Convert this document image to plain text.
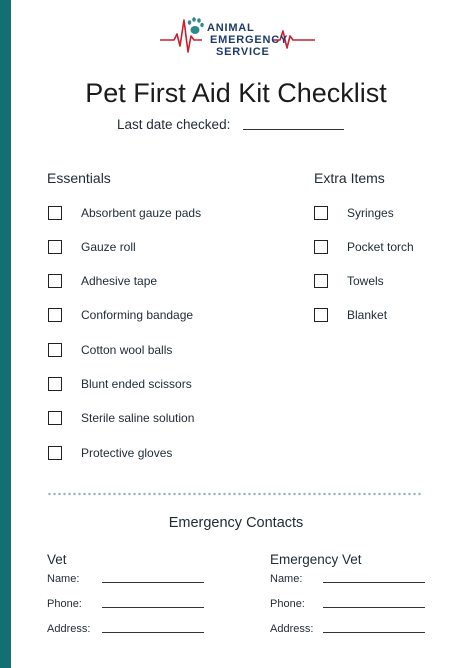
ANIMAL
EMERGENCY
SERVICE
Pet First Aid Kit Checklist
Last date checked:
Essentials	Extra Items
Absorbent gauze pads
Gauze roll
Adhesive tape
Conforming bandage
Cotton wool balls
Blunt ended scissors
Sterile saline solution
Protective gloves
Syringes
Pocket torch
Towels
Blanket
Emergency Contacts
Vet
Name:
Phone:
Address:
Emergency Vet
Name:
Phone:
Address:
